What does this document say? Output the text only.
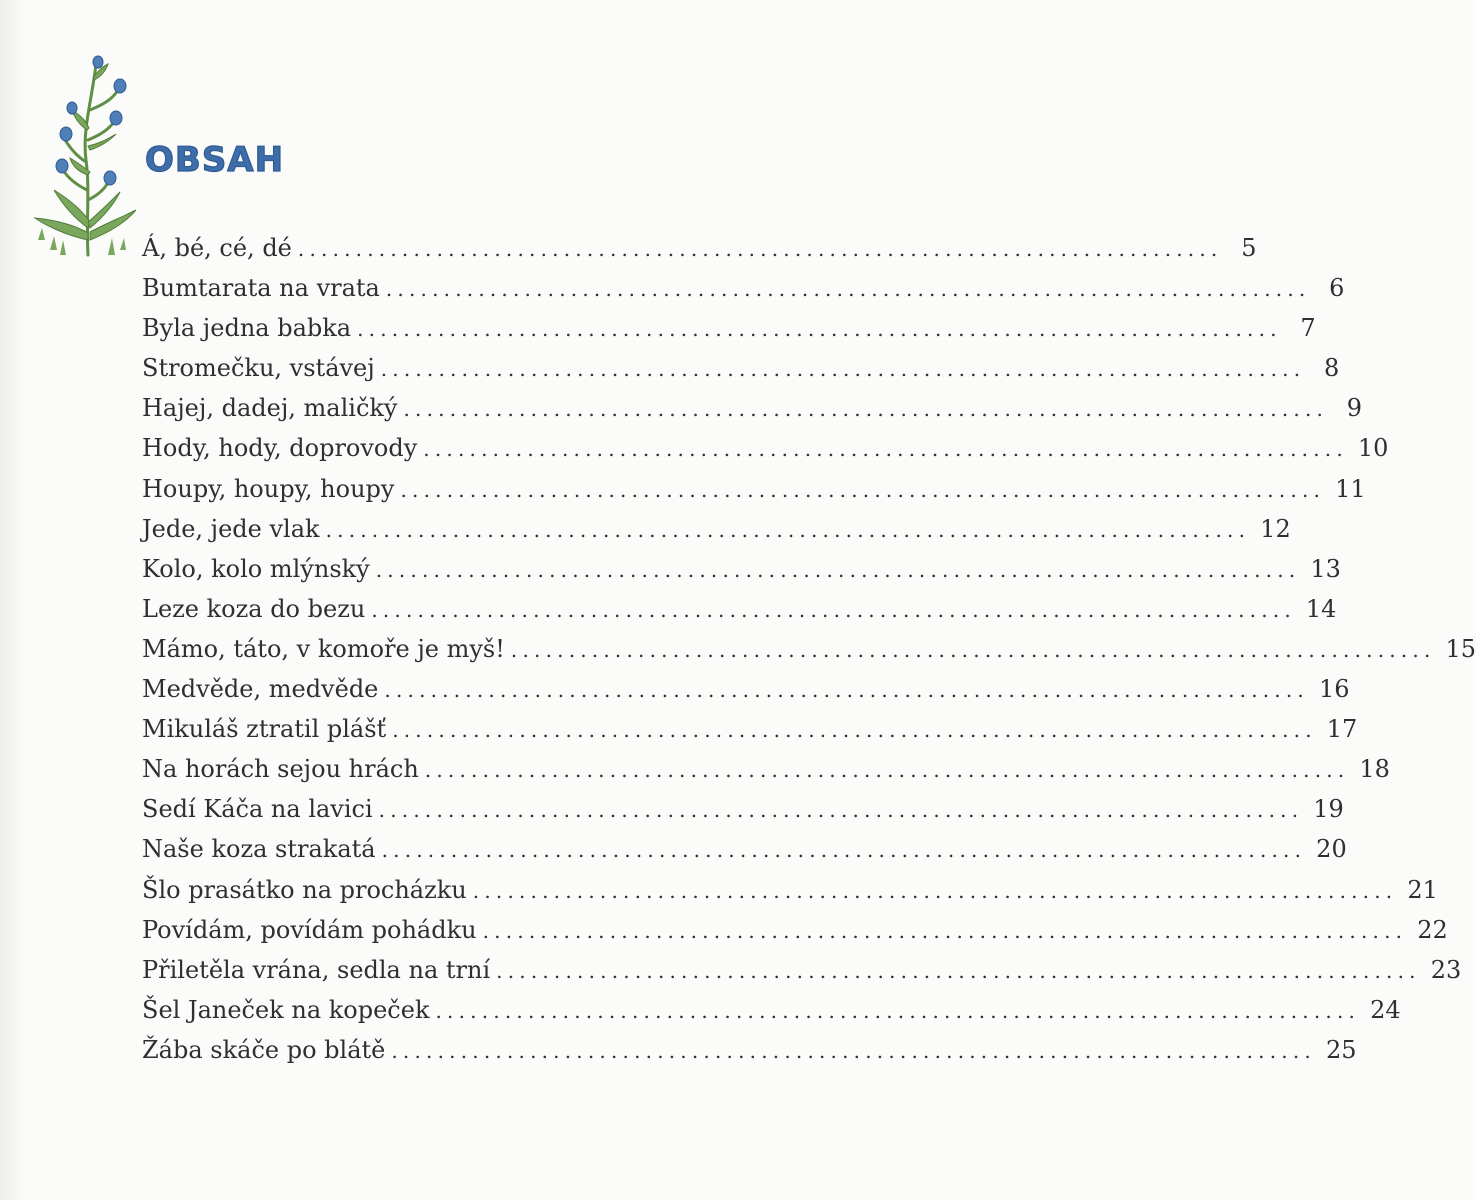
OBSAH
Á, bé, cé, dé ................................................................................ 5
Bumtarata na vrata ................................................................................ 6
Byla jedna babka ................................................................................ 7
Stromečku, vstávej ................................................................................ 8
Hajej, dadej, maličký ................................................................................ 9
Hody, hody, doprovody ................................................................................ 10
Houpy, houpy, houpy ................................................................................ 11
Jede, jede vlak ................................................................................ 12
Kolo, kolo mlýnský ................................................................................ 13
Leze koza do bezu ................................................................................ 14
Mámo, táto, v komoře je myš! ................................................................................ 15
Medvěde, medvěde ................................................................................ 16
Mikuláš ztratil plášť ................................................................................ 17
Na horách sejou hrách ................................................................................ 18
Sedí Káča na lavici ................................................................................ 19
Naše koza strakatá ................................................................................ 20
Šlo prasátko na procházku ................................................................................ 21
Povídám, povídám pohádku ................................................................................ 22
Přiletěla vrána, sedla na trní ................................................................................ 23
Šel Janeček na kopeček ................................................................................ 24
Žába skáče po blátě ................................................................................ 25
